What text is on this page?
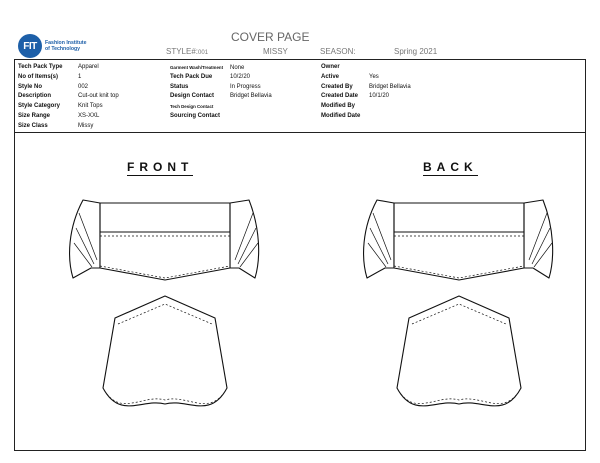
FIT	Fashion Institute
of Technology
COVER PAGE
STYLE#:001	MISSY	SEASON:	Spring 2021
Tech Pack Type	Apparel
No of Items(s)	1
Style No	002
Description	Cut-out knit top
Style Category	Knit Tops
Size Range	XS-XXL
Size Class	Missy
Garment Wash/Treatment None
Tech Pack Due	10/2/20
Status	In Progress
Design Contact	Bridget Bellavia
Tech Design Contact
Sourcing Contact
Owner
Active	Yes
Created By	Bridget Bellavia
Created Date 10/1/20
Modified By
Modified Date
FRONT	BACK
